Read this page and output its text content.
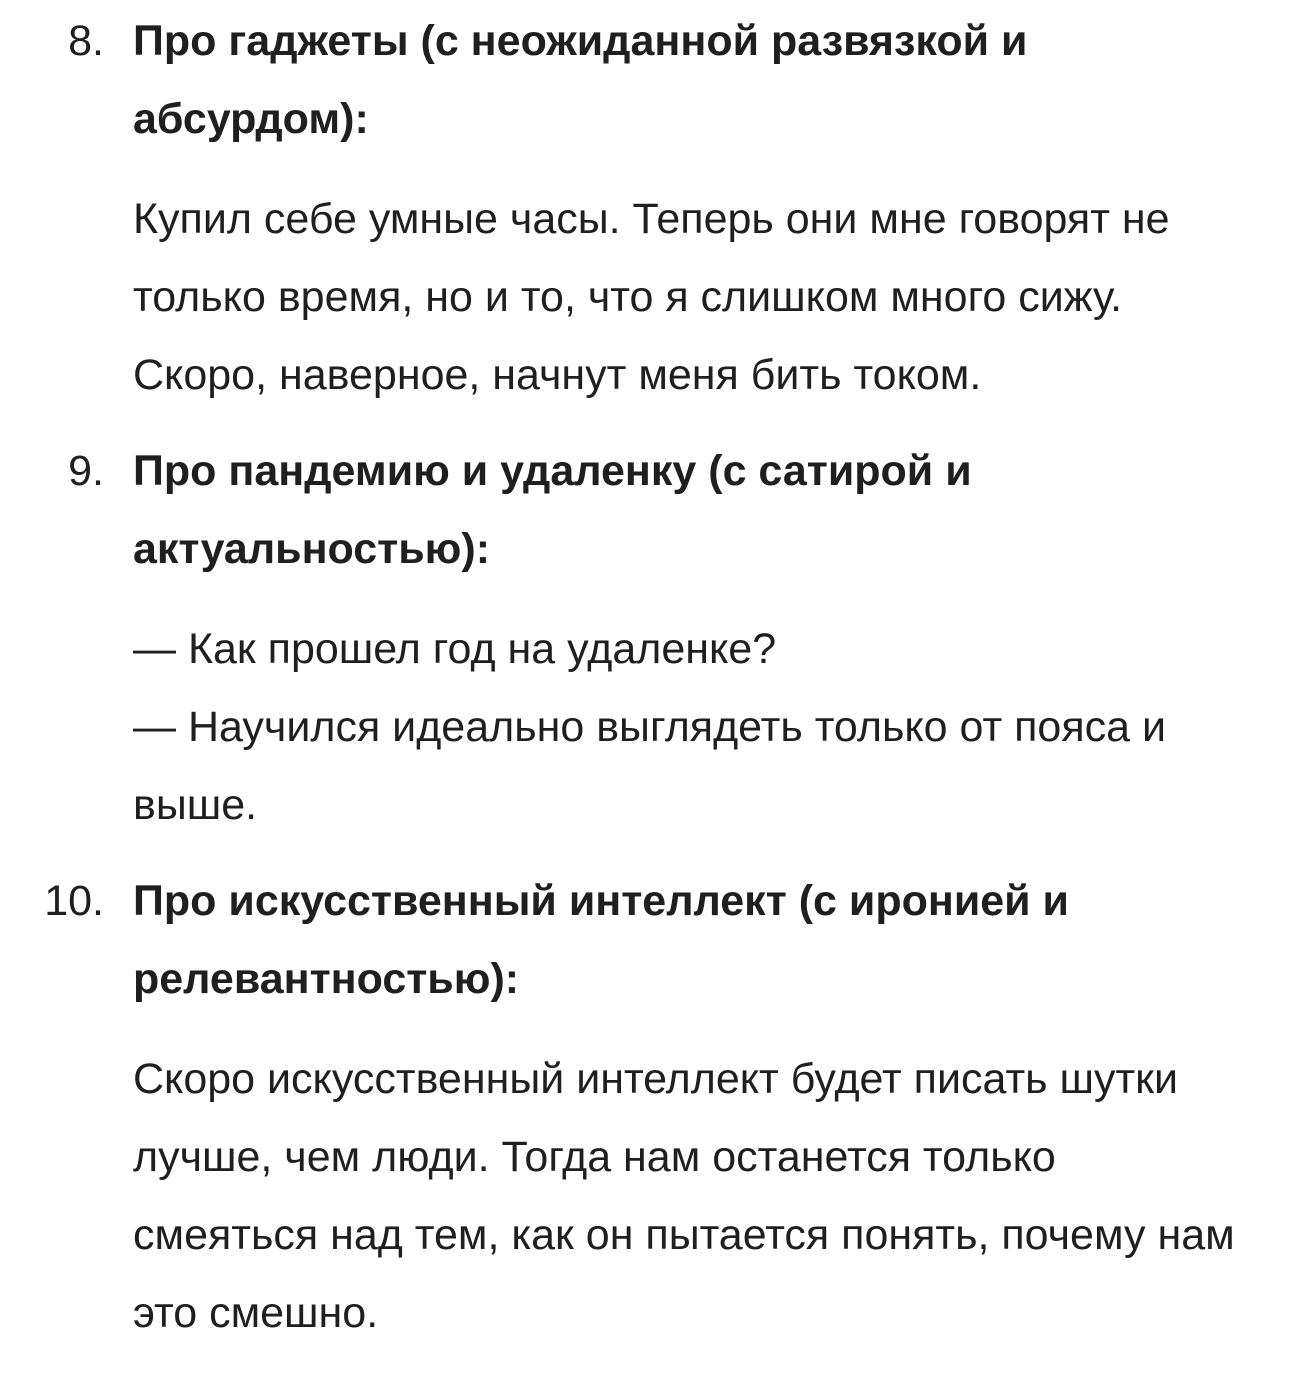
8. Про гаджеты (с неожиданной развязкой и абсурдом):

Купил себе умные часы. Теперь они мне говорят не только время, но и то, что я слишком много сижу. Скоро, наверное, начнут меня бить током.

9. Про пандемию и удаленку (с сатирой и актуальностью):

— Как прошел год на удаленке?

— Научился идеально выглядеть только от пояса и выше.

10. Про искусственный интеллект (с иронией и релевантностью):

Скоро искусственный интеллект будет писать шутки лучше, чем люди. Тогда нам останется только смеяться над тем, как он пытается понять, почему нам это смешно.
